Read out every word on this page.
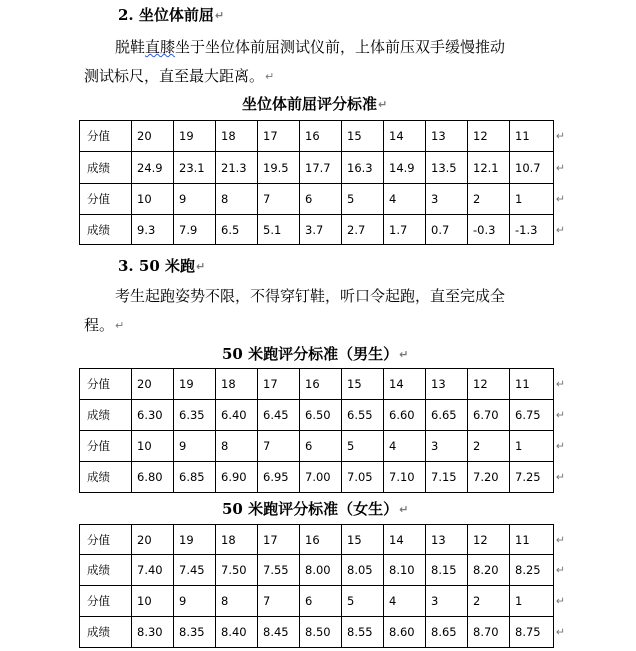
2. 坐位体前屈↵
脱鞋直膝坐于坐位体前屈测试仪前，上体前压双手缓慢推动
测试标尺，直至最大距离。↵
坐位体前屈评分标准↵
分值	20	19	18	17	16	15	14	13	12	11 ↵

成绩	24.9	23.1	21.3	19.5	17.7	16.3	14.9	13.5	12.1	10.7 ↵

分值	10	9	8	7	6	5	4	3	2	1 ↵

成绩	9.3	7.9	6.5	5.1	3.7	2.7	1.7	0.7	-0.3	-1.3 ↵
3. 50 米跑↵
考生起跑姿势不限，不得穿钉鞋，听口令起跑，直至完成全
程。↵
50 米跑评分标准（男生）↵
分值	20	19	18	17	16	15	14	13	12	11 ↵

成绩	6.30	6.35	6.40	6.45	6.50	6.55	6.60	6.65	6.70	6.75 ↵

分值	10	9	8	7	6	5	4	3	2	1 ↵

成绩	6.80	6.85	6.90	6.95	7.00	7.05	7.10	7.15	7.20	7.25 ↵
50 米跑评分标准（女生）↵
分值	20	19	18	17	16	15	14	13	12	11 ↵

成绩	7.40	7.45	7.50	7.55	8.00	8.05	8.10	8.15	8.20	8.25 ↵

分值	10	9	8	7	6	5	4	3	2	1 ↵

成绩	8.30	8.35	8.40	8.45	8.50	8.55	8.60	8.65	8.70	8.75 ↵
